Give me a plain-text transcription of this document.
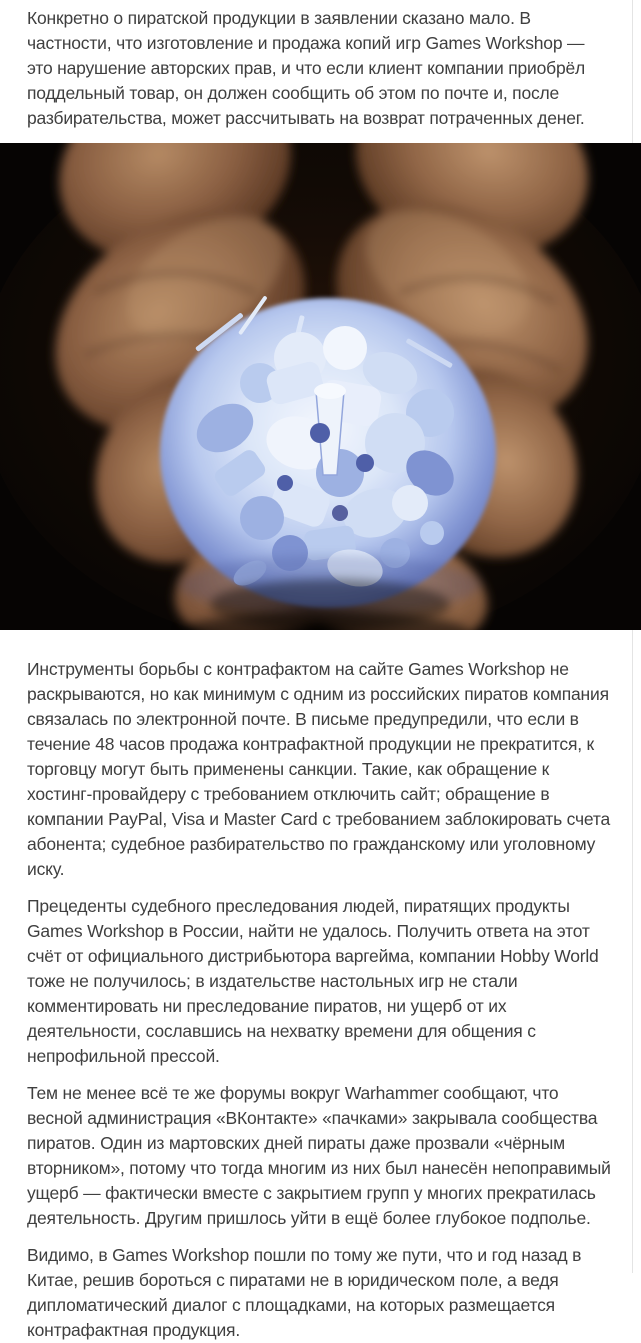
Конкретно о пиратской продукции в заявлении сказано мало. В частности, что изготовление и продажа копий игр Games Workshop — это нарушение авторских прав, и что если клиент компании приобрёл поддельный товар, он должен сообщить об этом по почте и, после разбирательства, может рассчитывать на возврат потраченных денег.

Инструменты борьбы с контрафактом на сайте Games Workshop не раскрываются, но как минимум с одним из российских пиратов компания связалась по электронной почте. В письме предупредили, что если в течение 48 часов продажа контрафактной продукции не прекратится, к торговцу могут быть применены санкции. Такие, как обращение к хостинг-провайдеру с требованием отключить сайт; обращение в компании PayPal, Visa и Master Card с требованием заблокировать счета абонента; судебное разбирательство по гражданскому или уголовному иску.

Прецеденты судебного преследования людей, пиратящих продукты Games Workshop в России, найти не удалось. Получить ответа на этот счёт от официального дистрибьютора варгейма, компании Hobby World тоже не получилось; в издательстве настольных игр не стали комментировать ни преследование пиратов, ни ущерб от их деятельности, сославшись на нехватку времени для общения с непрофильной прессой.

Тем не менее всё те же форумы вокруг Warhammer сообщают, что весной администрация «ВКонтакте» «пачками» закрывала сообщества пиратов. Один из мартовских дней пираты даже прозвали «чёрным вторником», потому что тогда многим из них был нанесён непоправимый ущерб — фактически вместе с закрытием групп у многих прекратилась деятельность. Другим пришлось уйти в ещё более глубокое подполье.

Видимо, в Games Workshop пошли по тому же пути, что и год назад в Китае, решив бороться с пиратами не в юридическом поле, а ведя дипломатический диалог с площадками, на которых размещается контрафактная продукция.
